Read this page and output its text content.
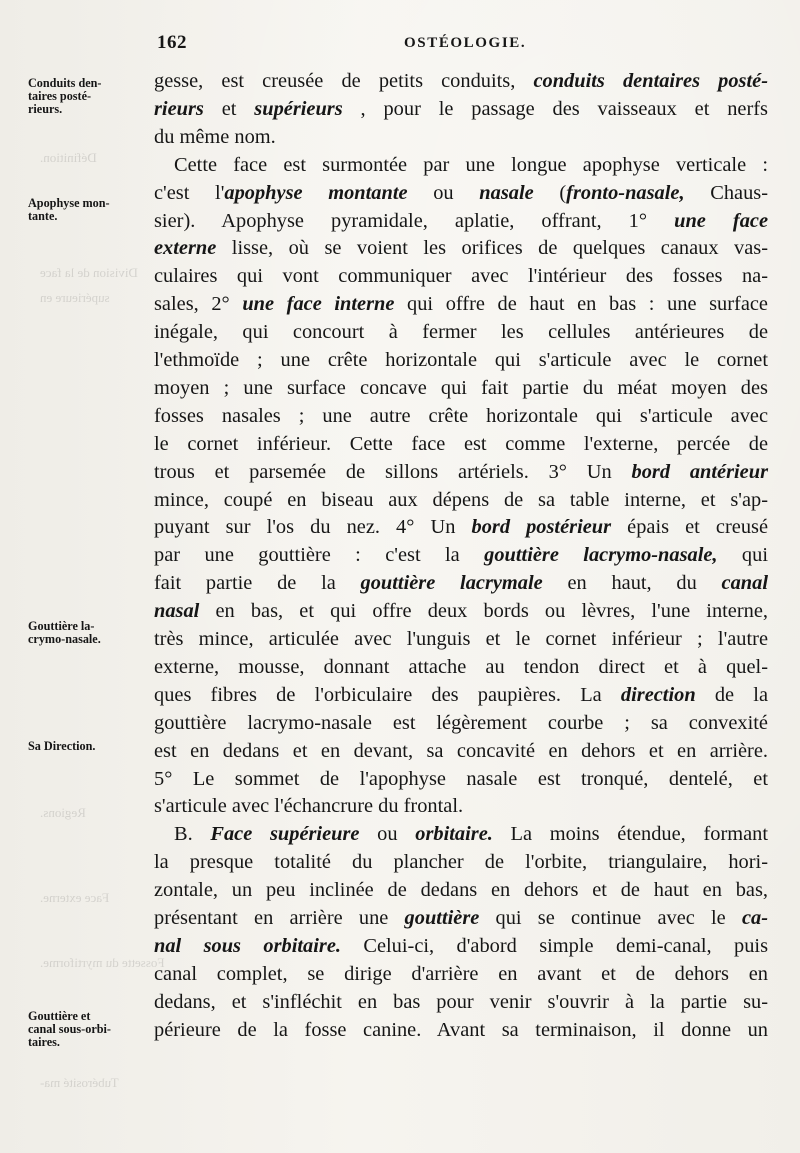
Définition.
Division de la face
supérieure en
Regions.
Face externe.
Fossette du myrtiforme.
Tubérosité ma-
162	OSTÉOLOGIE.
Conduits den-
taires posté-
rieurs.
Apophyse mon-
tante.
Gouttière la-
crymo-nasale.
Sa Direction.
Gouttière et
canal sous-orbi-
taires.
gesse, est creusée de petits conduits, conduits dentaires posté-
rieurs et supérieurs , pour le passage des vaisseaux et nerfs
du même nom.
Cette face est surmontée par une longue apophyse verticale :
c'est l'apophyse montante ou nasale (fronto-nasale, Chaus-
sier). Apophyse pyramidale, aplatie, offrant, 1° une face
externe lisse, où se voient les orifices de quelques canaux vas-
culaires qui vont communiquer avec l'intérieur des fosses na-
sales, 2° une face interne qui offre de haut en bas : une surface
inégale, qui concourt à fermer les cellules antérieures de
l'ethmoïde ; une crête horizontale qui s'articule avec le cornet
moyen ; une surface concave qui fait partie du méat moyen des
fosses nasales ; une autre crête horizontale qui s'articule avec
le cornet inférieur. Cette face est comme l'externe, percée de
trous et parsemée de sillons artériels. 3° Un bord antérieur
mince, coupé en biseau aux dépens de sa table interne, et s'ap-
puyant sur l'os du nez. 4° Un bord postérieur épais et creusé
par une gouttière : c'est la gouttière lacrymo-nasale, qui
fait partie de la gouttière lacrymale en haut, du canal
nasal en bas, et qui offre deux bords ou lèvres, l'une interne,
très mince, articulée avec l'unguis et le cornet inférieur ; l'autre
externe, mousse, donnant attache au tendon direct et à quel-
ques fibres de l'orbiculaire des paupières. La direction de la
gouttière lacrymo-nasale est légèrement courbe ; sa convexité
est en dedans et en devant, sa concavité en dehors et en arrière.
5° Le sommet de l'apophyse nasale est tronqué, dentelé, et
s'articule avec l'échancrure du frontal.
B. Face supérieure ou orbitaire. La moins étendue, formant
la presque totalité du plancher de l'orbite, triangulaire, hori-
zontale, un peu inclinée de dedans en dehors et de haut en bas,
présentant en arrière une gouttière qui se continue avec le ca-
nal sous orbitaire. Celui-ci, d'abord simple demi-canal, puis
canal complet, se dirige d'arrière en avant et de dehors en
dedans, et s'infléchit en bas pour venir s'ouvrir à la partie su-
périeure de la fosse canine. Avant sa terminaison, il donne un
